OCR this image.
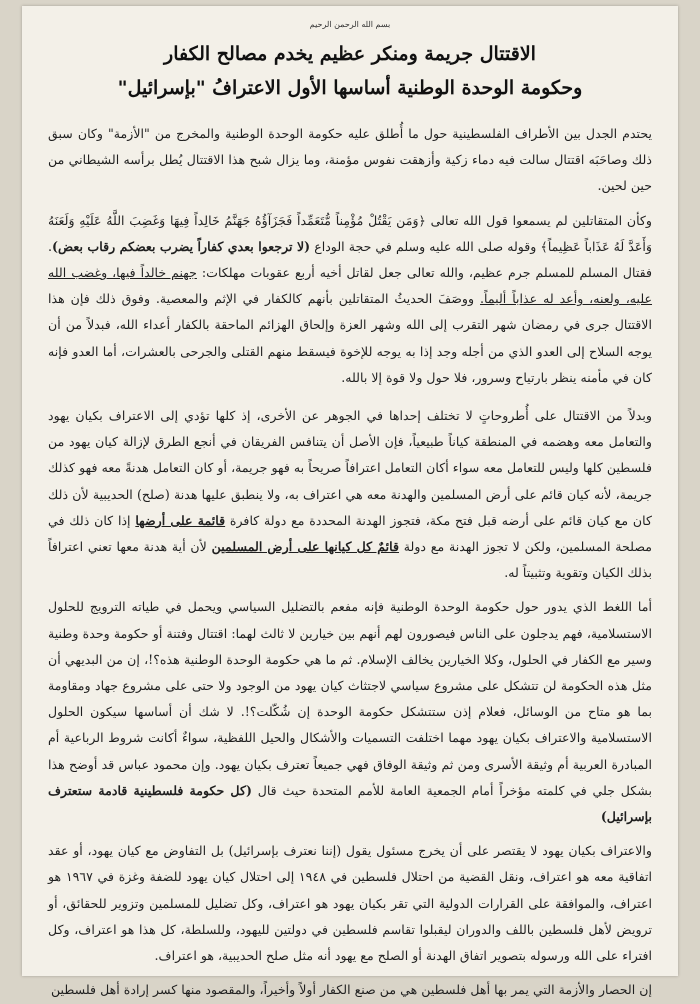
بسم الله الرحمن الرحيم
الاقتتال جريمة ومنكر عظيم يخدم مصالح الكفار
وحكومة الوحدة الوطنية أساسها الأول الاعترافُ "بإسرائيل"

يحتدم الجدل بين الأطراف الفلسطينية حول ما أُطلق عليه حكومة الوحدة الوطنية والمخرج من "الأزمة" وكان سبق ذلك وصاحَبَه اقتتال سالت فيه دماء زكية وأزهقت نفوس مؤمنة، وما يزال شبح هذا الاقتتال يُطل برأسه الشيطاني من حين لحين.

وكأن المتقاتلين لم يسمعوا قول الله تعالى ﴿وَمَن يَقْتُلْ مُؤْمِناً مُّتَعَمِّداً فَجَزَآؤُهُ جَهَنَّمُ خَالِداً فِيهَا وَغَضِبَ اللَّهُ عَلَيْهِ وَلَعَنَهُ وَأَعَدَّ لَهُ عَذَاباً عَظِيماً﴾ وقوله صلى الله عليه وسلم في حجة الوداع (لا ترجعوا بعدي كفاراً يضرب بعضكم رقاب بعض). فقتال المسلم للمسلم جرم عظيم، والله تعالى جعل لقاتل أخيه أربع عقوبات مهلكات: جهنم خالداً فيها، وغضب الله عليه، ولعنه، وأعد له عذاباً أليماً. ووصَفَ الحديثُ المتقاتلين بأنهم كالكفار في الإثم والمعصية. وفوق ذلك فإن هذا الاقتتال جرى في رمضان شهر التقرب إلى الله وشهر العزة وإلحاق الهزائم الماحقة بالكفار أعداء الله، فبدلاً من أن يوجه السلاح إلى العدو الذي من أجله وجد إذا به يوجه للإخوة فيسقط منهم القتلى والجرحى بالعشرات، أما العدو فإنه كان في مأمنه ينظر بارتياح وسرور، فلا حول ولا قوة إلا بالله.

وبدلاً من الاقتتال على أُطروحاتٍ لا تختلف إحداها في الجوهر عن الأخرى، إذ كلها تؤدي إلى الاعتراف بكيان يهود والتعامل معه وهضمه في المنطقة كياناً طبيعياً، فإن الأصل أن يتنافس الفريقان في أنجع الطرق لإزالة كيان يهود من فلسطين كلها وليس للتعامل معه سواء أكان التعامل اعترافاً صريحاً به فهو جريمة، أو كان التعامل هدنةً معه فهو كذلك جريمة، لأنه كيان قائم على أرض المسلمين والهدنة معه هي اعتراف به، ولا ينطبق عليها هدنة (صلح) الحديبية لأن ذلك كان مع كيان قائم على أرضه قبل فتح مكة، فتجوز الهدنة المحددة مع دولة كافرة قائمة على أرضها إذا كان ذلك في مصلحة المسلمين، ولكن لا تجوز الهدنة مع دولة قائمٌ كل كيانها على أرض المسلمين لأن أية هدنة معها تعني اعترافاً بذلك الكيان وتقوية وتثبيتاً له.

أما اللغط الذي يدور حول حكومة الوحدة الوطنية فإنه مفعم بالتضليل السياسي ويحمل في طياته الترويج للحلول الاستسلامية، فهم يدجلون على الناس فيصورون لهم أنهم بين خيارين لا ثالث لهما: اقتتال وفتنة أو حكومة وحدة وطنية وسير مع الكفار في الحلول، وكلا الخيارين يخالف الإسلام. ثم ما هي حكومة الوحدة الوطنية هذه؟!، إن من البديهي أن مثل هذه الحكومة لن تتشكل على مشروع سياسي لاجتثاث كيان يهود من الوجود ولا حتى على مشروع جهاد ومقاومة بما هو متاح من الوسائل، فعلام إذن ستتشكل حكومة الوحدة إن شُكّلت؟!. لا شك أن أساسها سيكون الحلول الاستسلامية والاعتراف بكيان يهود مهما اختلفت التسميات والأشكال والحيل اللفظية، سواءٌ أكانت شروط الرباعية أم المبادرة العربية أم وثيقة الأسرى ومن ثم وثيقة الوفاق فهي جميعاً تعترف بكيان يهود. وإن محمود عباس قد أوضح هذا بشكل جلي في كلمته مؤخراً أمام الجمعية العامة للأمم المتحدة حيث قال (كل حكومة فلسطينية قادمة ستعترف بإسرائيل)

والاعتراف بكيان يهود لا يقتصر على أن يخرج مسئول يقول (إننا نعترف بإسرائيل) بل التفاوض مع كيان يهود، أو عقد اتفاقية معه هو اعتراف، ونقل القضية من احتلال فلسطين في ١٩٤٨ إلى احتلال كيان يهود للضفة وغزة في ١٩٦٧ هو اعتراف، والموافقة على القرارات الدولية التي تقر بكيان يهود هو اعتراف، وكل تضليل للمسلمين وتزوير للحقائق، أو ترويض لأهل فلسطين باللف والدوران ليقبلوا تقاسم فلسطين في دولتين لليهود، وللسلطة، كل هذا هو اعتراف، وكل افتراء على الله ورسوله بتصوير اتفاق الهدنة أو الصلح مع يهود أنه مثل صلح الحديبية، هو اعتراف.

إن الحصار والأزمة التي يمر بها أهل فلسطين هي من صنع الكفار أولاً وأخيراً، والمقصود منها كسر إرادة أهل فلسطين
